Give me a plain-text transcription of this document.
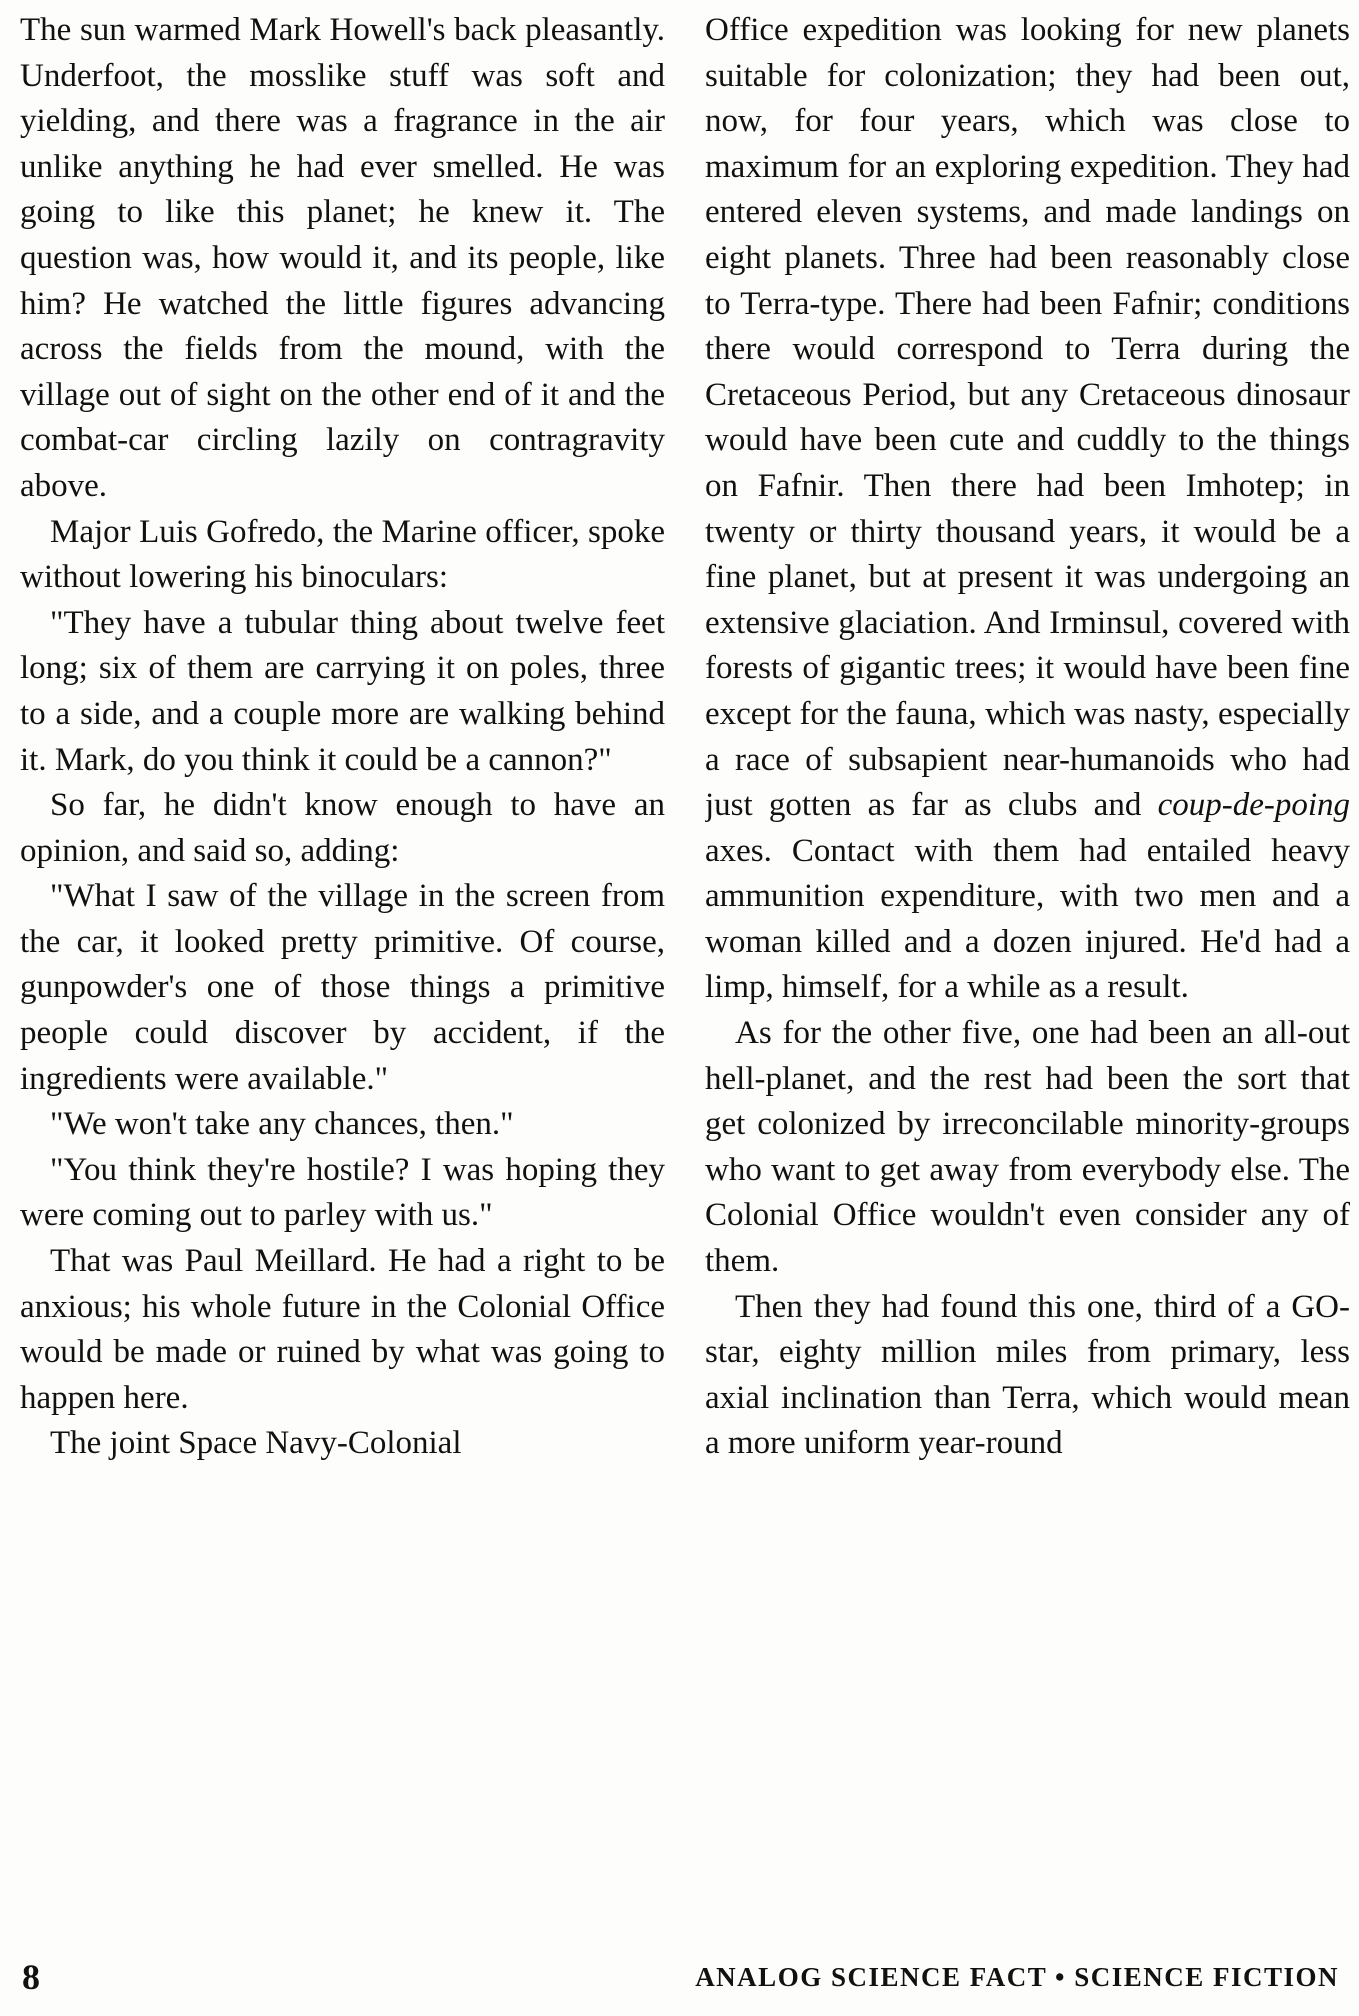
The sun warmed Mark Howell's back pleasantly. Underfoot, the mosslike stuff was soft and yielding, and there was a fragrance in the air unlike anything he had ever smelled. He was going to like this planet; he knew it. The question was, how would it, and its people, like him? He watched the little figures advancing across the fields from the mound, with the village out of sight on the other end of it and the combat-car circling lazily on contragravity above.

Major Luis Gofredo, the Marine officer, spoke without lowering his binoculars:

"They have a tubular thing about twelve feet long; six of them are carrying it on poles, three to a side, and a couple more are walking behind it. Mark, do you think it could be a cannon?"

So far, he didn't know enough to have an opinion, and said so, adding:

"What I saw of the village in the screen from the car, it looked pretty primitive. Of course, gunpowder's one of those things a primitive people could discover by accident, if the ingredients were available."

"We won't take any chances, then."

"You think they're hostile? I was hoping they were coming out to parley with us."

That was Paul Meillard. He had a right to be anxious; his whole future in the Colonial Office would be made or ruined by what was going to happen here.

The joint Space Navy-Colonial

Office expedition was looking for new planets suitable for colonization; they had been out, now, for four years, which was close to maximum for an exploring expedition. They had entered eleven systems, and made landings on eight planets. Three had been reasonably close to Terra-type. There had been Fafnir; conditions there would correspond to Terra during the Cretaceous Period, but any Cretaceous dinosaur would have been cute and cuddly to the things on Fafnir. Then there had been Imhotep; in twenty or thirty thousand years, it would be a fine planet, but at present it was undergoing an extensive glaciation. And Irminsul, covered with forests of gigantic trees; it would have been fine except for the fauna, which was nasty, especially a race of subsapient near-humanoids who had just gotten as far as clubs and coup-de-poing axes. Contact with them had entailed heavy ammunition expenditure, with two men and a woman killed and a dozen injured. He'd had a limp, himself, for a while as a result.

As for the other five, one had been an all-out hell-planet, and the rest had been the sort that get colonized by irreconcilable minority-groups who want to get away from everybody else. The Colonial Office wouldn't even consider any of them.

Then they had found this one, third of a GO-star, eighty million miles from primary, less axial inclination than Terra, which would mean a more uniform year-round

8	ANALOG SCIENCE FACT • SCIENCE FICTION
